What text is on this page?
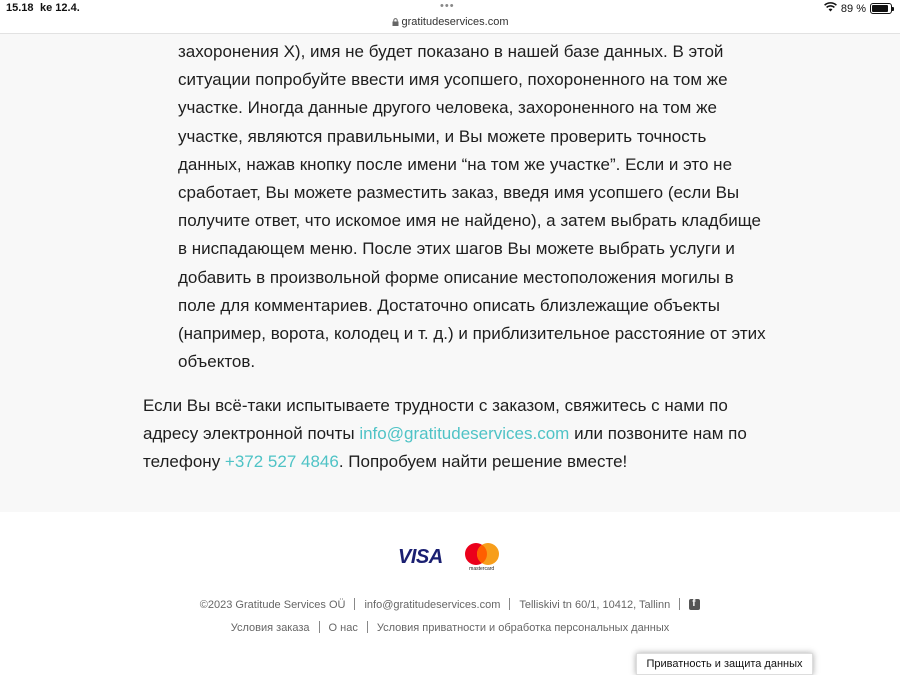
15.18 ke 12.4.	•••
gratitudeservices.com
89 %

захоронения X), имя не будет показано в нашей базе данных. В этой ситуации попробуйте ввести имя усопшего, похороненного на том же участке. Иногда данные другого человека, захороненного на том же участке, являются правильными, и Вы можете проверить точность данных, нажав кнопку после имени “на том же участке”. Если и это не сработает, Вы можете разместить заказ, введя имя усопшего (если Вы получите ответ, что искомое имя не найдено), а затем выбрать кладбище в ниспадающем меню. После этих шагов Вы можете выбрать услуги и добавить в произвольной форме описание местоположения могилы в поле для комментариев. Достаточно описать близлежащие объекты (например, ворота, колодец и т. д.) и приблизительное расстояние от этих объектов.

Если Вы всё-таки испытываете трудности с заказом, свяжитесь с нами по адресу электронной почты info@gratitudeservices.com или позвоните нам по телефону +372 527 4846. Попробуем найти решение вместе!

VISA
mastercard
©2023 Gratitude Services OÜ info@gratitudeservices.com Telliskivi tn 60/1, 10412, Tallinn f
Условия заказа О нас Условия приватности и обработка персональных данных
Приватность и защита данных
